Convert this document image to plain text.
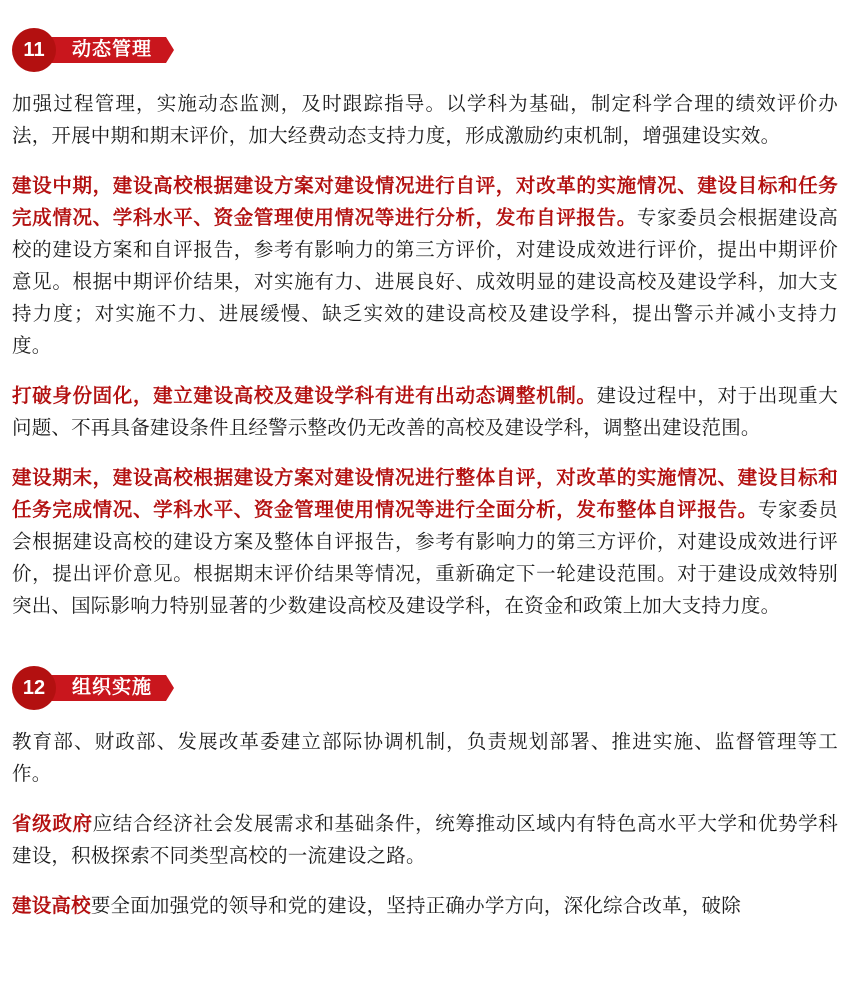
11	动态管理

加强过程管理，实施动态监测，及时跟踪指导。以学科为基础，制定科学合理的绩效评价办法，开展中期和期末评价，加大经费动态支持力度，形成激励约束机制，增强建设实效。

建设中期，建设高校根据建设方案对建设情况进行自评，对改革的实施情况、建设目标和任务完成情况、学科水平、资金管理使用情况等进行分析，发布自评报告。专家委员会根据建设高校的建设方案和自评报告，参考有影响力的第三方评价，对建设成效进行评价，提出中期评价意见。根据中期评价结果，对实施有力、进展良好、成效明显的建设高校及建设学科，加大支持力度；对实施不力、进展缓慢、缺乏实效的建设高校及建设学科，提出警示并减小支持力度。

打破身份固化，建立建设高校及建设学科有进有出动态调整机制。建设过程中，对于出现重大问题、不再具备建设条件且经警示整改仍无改善的高校及建设学科，调整出建设范围。

建设期末，建设高校根据建设方案对建设情况进行整体自评，对改革的实施情况、建设目标和任务完成情况、学科水平、资金管理使用情况等进行全面分析，发布整体自评报告。专家委员会根据建设高校的建设方案及整体自评报告，参考有影响力的第三方评价，对建设成效进行评价，提出评价意见。根据期末评价结果等情况，重新确定下一轮建设范围。对于建设成效特别突出、国际影响力特别显著的少数建设高校及建设学科，在资金和政策上加大支持力度。

12	组织实施

教育部、财政部、发展改革委建立部际协调机制，负责规划部署、推进实施、监督管理等工作。

省级政府应结合经济社会发展需求和基础条件，统筹推动区域内有特色高水平大学和优势学科建设，积极探索不同类型高校的一流建设之路。

建设高校要全面加强党的领导和党的建设，坚持正确办学方向，深化综合改革，破除
